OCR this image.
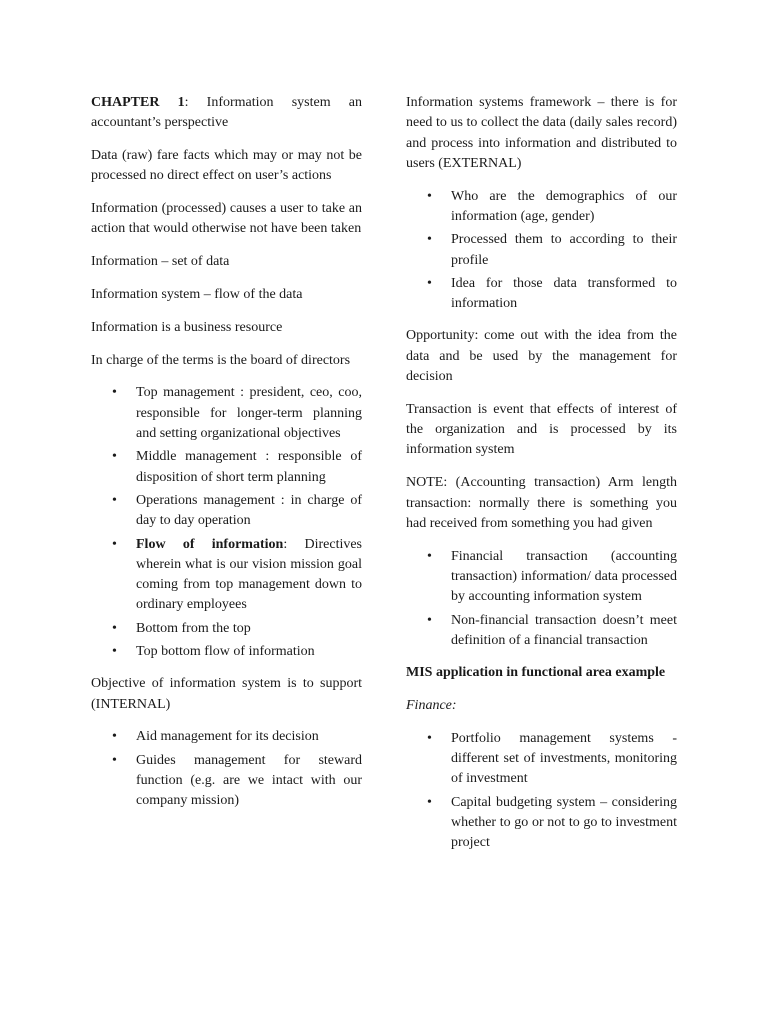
CHAPTER 1: Information system an accountant’s perspective

Data (raw) fare facts which may or may not be processed no direct effect on user’s actions

Information (processed) causes a user to take an action that would otherwise not have been taken

Information – set of data

Information system – flow of the data

Information is a business resource

In charge of the terms is the board of directors

• Top management : president, ceo, coo, responsible for longer-term planning and setting organizational objectives
• Middle management : responsible of disposition of short term planning
• Operations management : in charge of day to day operation
• Flow of information: Directives wherein what is our vision mission goal coming from top management down to ordinary employees
• Bottom from the top
• Top bottom flow of information

Objective of information system is to support (INTERNAL)

• Aid management for its decision
• Guides management for steward function (e.g. are we intact with our company mission)

Information systems framework – there is for need to us to collect the data (daily sales record) and process into information and distributed to users (EXTERNAL)

• Who are the demographics of our information (age, gender)
• Processed them to according to their profile
• Idea for those data transformed to information

Opportunity: come out with the idea from the data and be used by the management for decision

Transaction is event that effects of interest of the organization and is processed by its information system

NOTE: (Accounting transaction) Arm length transaction: normally there is something you had received from something you had given

• Financial transaction (accounting transaction) information/ data processed by accounting information system
• Non-financial transaction doesn’t meet definition of a financial transaction

MIS application in functional area example

Finance:

• Portfolio management systems - different set of investments, monitoring of investment
• Capital budgeting system – considering whether to go or not to go to investment project
